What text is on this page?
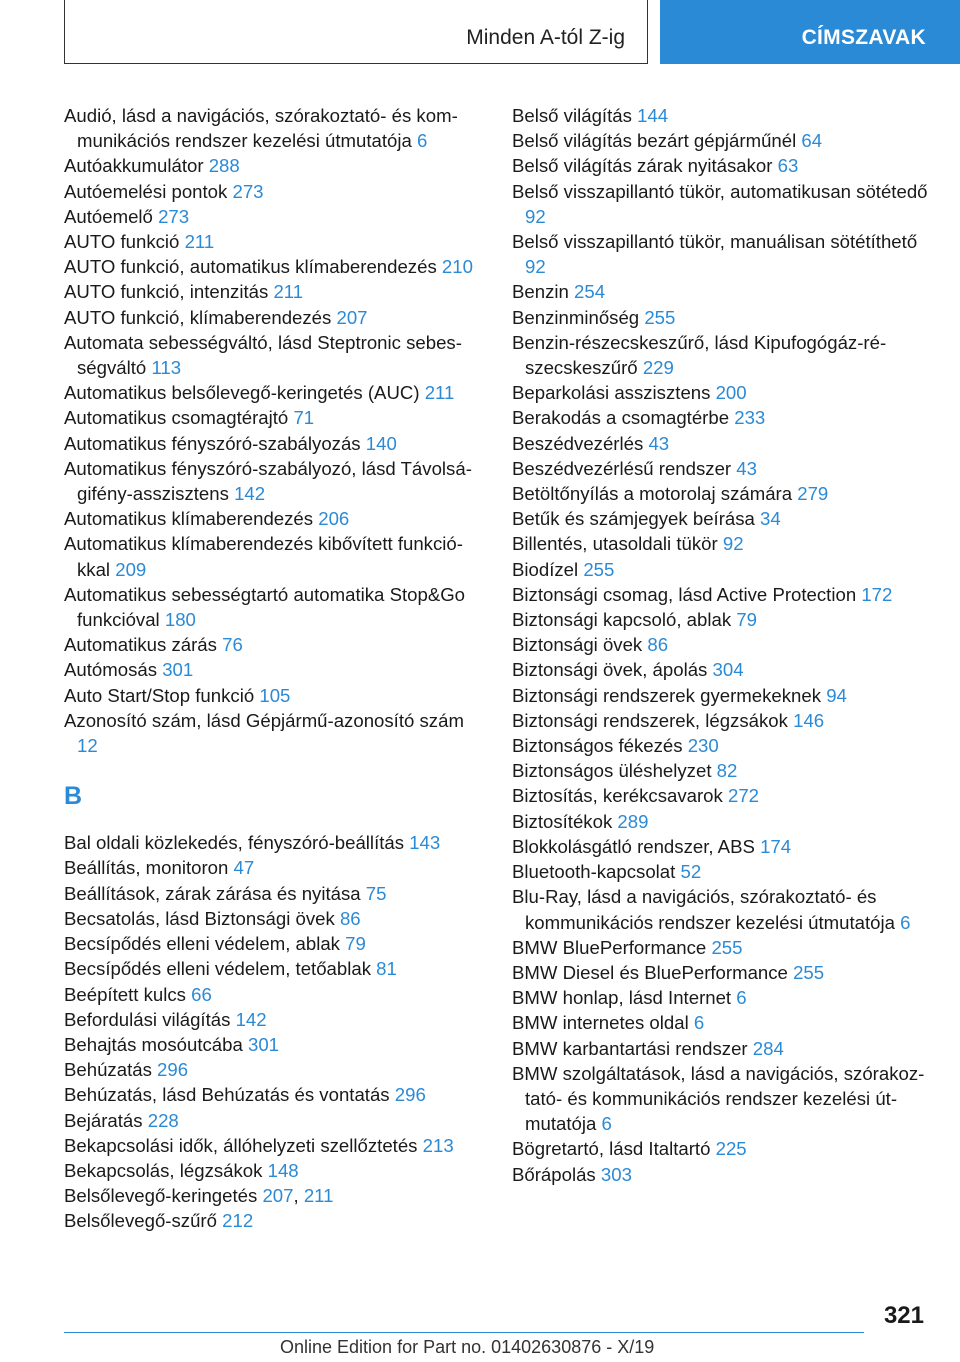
Minden A-tól Z-ig	CÍMSZAVAK
Audió, lásd a navigációs, szórakoztató- és kommunikációs rendszer kezelési útmutatója 6
Autóakkumulátor 288
Autóemelési pontok 273
Autóemelő 273
AUTO funkció 211
AUTO funkció, automatikus klímaberendezés 210
AUTO funkció, intenzitás 211
AUTO funkció, klímaberendezés 207
Automata sebességváltó, lásd Steptronic sebességváltó 113
Automatikus belsőlevegő-keringetés (AUC) 211
Automatikus csomagtérajtó 71
Automatikus fényszóró-szabályozás 140
Automatikus fényszóró-szabályozó, lásd Távolságifény-asszisztens 142
Automatikus klímaberendezés 206
Automatikus klímaberendezés kibővített funkciókkal 209
Automatikus sebességtartó automatika Stop&Go funkcióval 180
Automatikus zárás 76
Autómosás 301
Auto Start/Stop funkció 105
Azonosító szám, lásd Gépjármű-azonosító szám 12
B
Bal oldali közlekedés, fényszóró-beállítás 143
Beállítás, monitoron 47
Beállítások, zárak zárása és nyitása 75
Becsatolás, lásd Biztonsági övek 86
Becsípődés elleni védelem, ablak 79
Becsípődés elleni védelem, tetőablak 81
Beépített kulcs 66
Befordulási világítás 142
Behajtás mosóutcába 301
Behúzatás 296
Behúzatás, lásd Behúzatás és vontatás 296
Bejáratás 228
Bekapcsolási idők, állóhelyzeti szellőztetés 213
Bekapcsolás, légzsákok 148
Belsőlevegő-keringetés 207, 211
Belsőlevegő-szűrő 212
Belső világítás 144
Belső világítás bezárt gépjárműnél 64
Belső világítás zárak nyitásakor 63
Belső visszapillantó tükör, automatikusan sötétedő 92
Belső visszapillantó tükör, manuálisan sötétíthető 92
Benzin 254
Benzinminőség 255
Benzin-részecskeszűrő, lásd Kipufogógáz-részecskeszűrő 229
Beparkolási asszisztens 200
Berakodás a csomagtérbe 233
Beszédvezérlés 43
Beszédvezérlésű rendszer 43
Betöltőnyílás a motorolaj számára 279
Betűk és számjegyek beírása 34
Billentés, utasoldali tükör 92
Biodízel 255
Biztonsági csomag, lásd Active Protection 172
Biztonsági kapcsoló, ablak 79
Biztonsági övek 86
Biztonsági övek, ápolás 304
Biztonsági rendszerek gyermekeknek 94
Biztonsági rendszerek, légzsákok 146
Biztonságos fékezés 230
Biztonságos üléshelyzet 82
Biztosítás, kerékcsavarok 272
Biztosítékok 289
Blokkolásgátló rendszer, ABS 174
Bluetooth-kapcsolat 52
Blu-Ray, lásd a navigációs, szórakoztató- és kommunikációs rendszer kezelési útmutatója 6
BMW BluePerformance 255
BMW Diesel és BluePerformance 255
BMW honlap, lásd Internet 6
BMW internetes oldal 6
BMW karbantartási rendszer 284
BMW szolgáltatások, lásd a navigációs, szórakoztató- és kommunikációs rendszer kezelési útmutatója 6
Bögretartó, lásd Italtartó 225
Bőrápolás 303
321
Online Edition for Part no. 01402630876 - X/19
